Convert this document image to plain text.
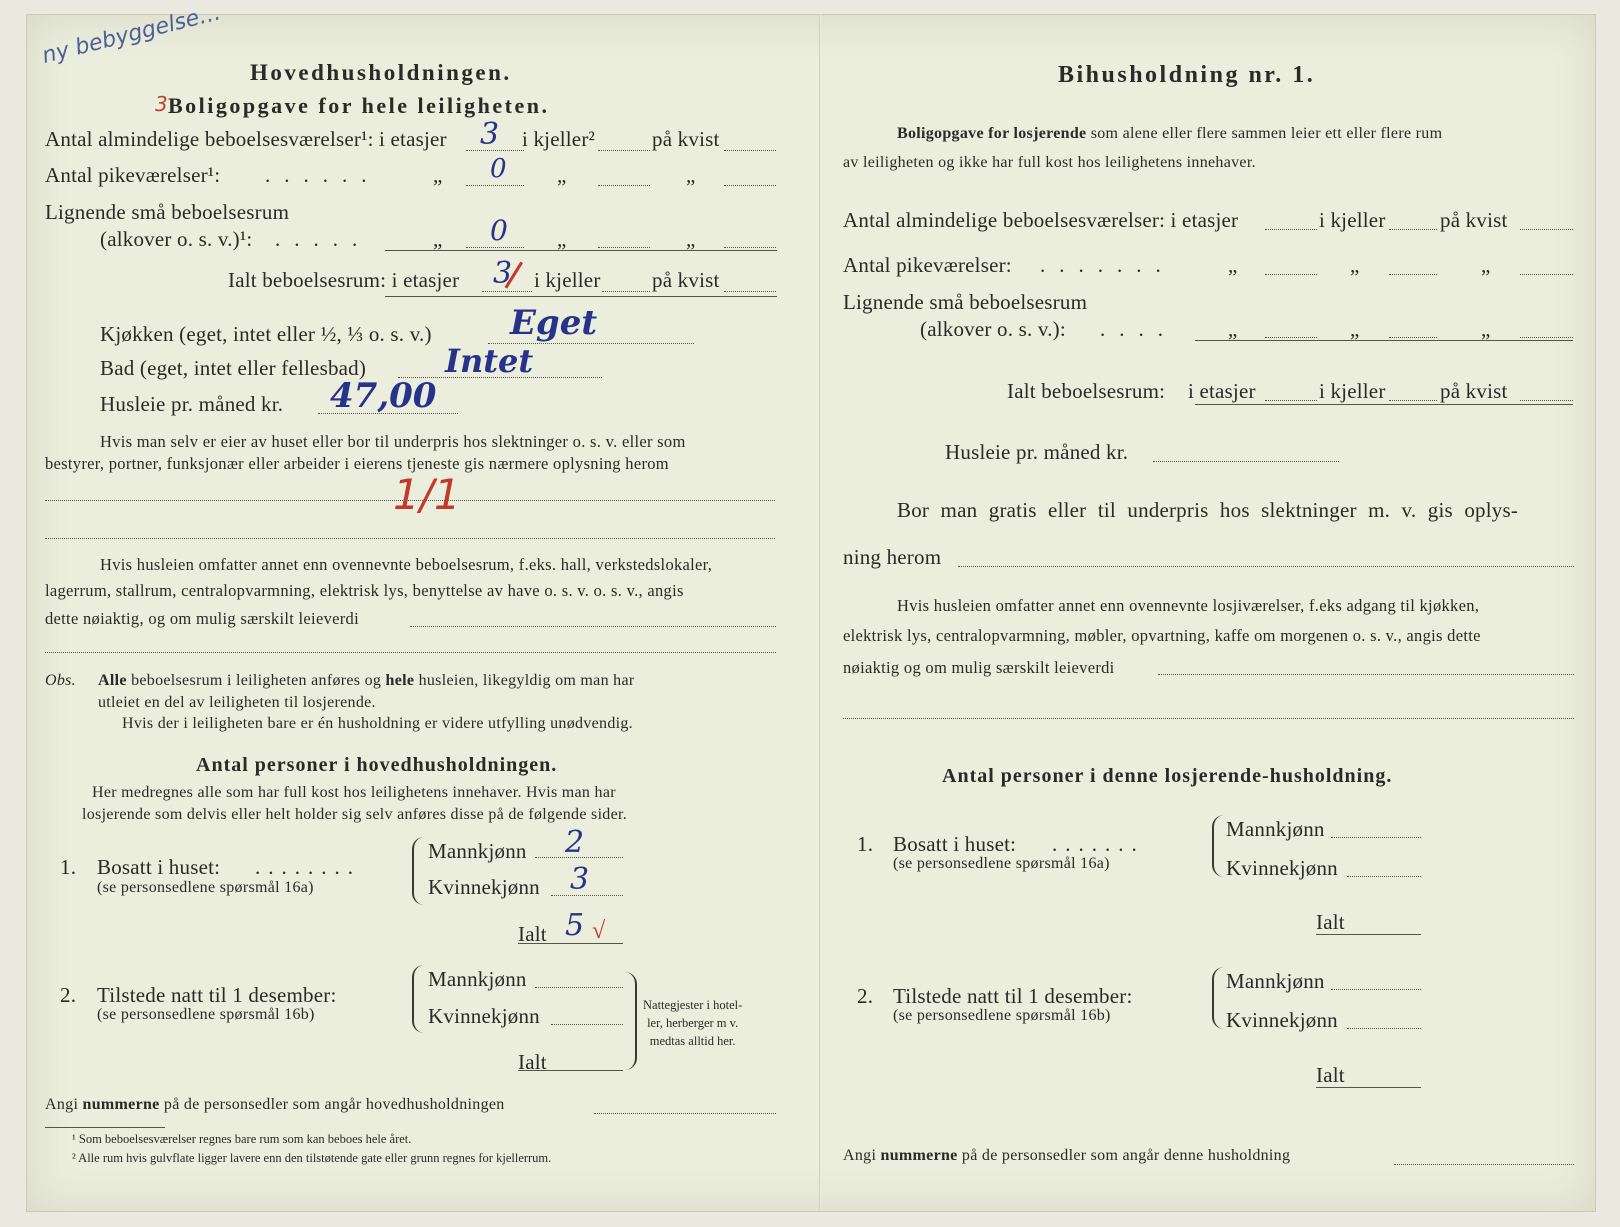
ny bebyggelse…
3
Hovedhusholdningen.
Boligopgave for hele leiligheten.
Antal almindelige beboelsesværelser¹: i etasjer 3 i kjeller²	på kvist
Antal pikeværelser¹: ......	„ 0 „	„
Lignende små beboelsesrum
(alkover o. s. v.)¹: .....	„ 0 „	„
Ialt beboelsesrum: i etasjer 3 i kjeller på kvist
Kjøkken (eget, intet eller ½, ⅓ o. s. v.) Eget
Bad (eget, intet eller fellesbad) Intet
Husleie pr. måned kr. 47,00
Hvis man selv er eier av huset eller bor til underpris hos slektninger o. s. v. eller som
bestyrer, portner, funksjonær eller arbeider i eierens tjeneste gis nærmere oplysning herom
1/1
Hvis husleien omfatter annet enn ovennevnte beboelsesrum, f.eks. hall, verkstedslokaler,
lagerrum, stallrum, centralopvarmning, elektrisk lys, benyttelse av have o. s. v. o. s. v., angis
dette nøiaktig, og om mulig særskilt leieverdi
Obs. Alle beboelsesrum i leiligheten anføres og hele husleien, likegyldig om man har
utleiet en del av leiligheten til losjerende.
Hvis der i leiligheten bare er én husholdning er videre utfylling unødvendig.
Antal personer i hovedhusholdningen.
Her medregnes alle som har full kost hos leilighetens innehaver. Hvis man har
losjerende som delvis eller helt holder sig selv anføres disse på de følgende sider.
1. Bosatt i huset: ........
(se personsedlene spørsmål 16a)
Mannkjønn 2
Kvinnekjønn 3
Ialt 5 √
2. Tilstede natt til 1 desember:
(se personsedlene spørsmål 16b)
Mannkjønn
Kvinnekjønn
Ialt
Nattegjester i hotel-
ler, herberger m v.
medtas alltid her.
Angi nummerne på de personsedler som angår hovedhusholdningen
¹ Som beboelsesværelser regnes bare rum som kan beboes hele året.
² Alle rum hvis gulvflate ligger lavere enn den tilstøtende gate eller grunn regnes for kjellerrum.
Bihusholdning nr. 1.
Boligopgave for losjerende som alene eller flere sammen leier ett eller flere rum
av leiligheten og ikke har full kost hos leilighetens innehaver.
Antal almindelige beboelsesværelser: i etasjer	i kjeller	på kvist
Antal pikeværelser: .......	„	„	„
Lignende små beboelsesrum
(alkover o. s. v.): .... „	„	„
Ialt beboelsesrum: i etasjer	i kjeller	på kvist
Husleie pr. måned kr.
Bor man gratis eller til underpris hos slektninger m. v. gis oplys-
ning herom
Hvis husleien omfatter annet enn ovennevnte losjiværelser, f.eks adgang til kjøkken,
elektrisk lys, centralopvarmning, møbler, opvartning, kaffe om morgenen o. s. v., angis dette
nøiaktig og om mulig særskilt leieverdi
Antal personer i denne losjerende-husholdning.
1. Bosatt i huset: .......
(se personsedlene spørsmål 16a)
Mannkjønn
Kvinnekjønn
Ialt
2. Tilstede natt til 1 desember:
(se personsedlene spørsmål 16b)
Mannkjønn
Kvinnekjønn
Ialt
Angi nummerne på de personsedler som angår denne husholdning
